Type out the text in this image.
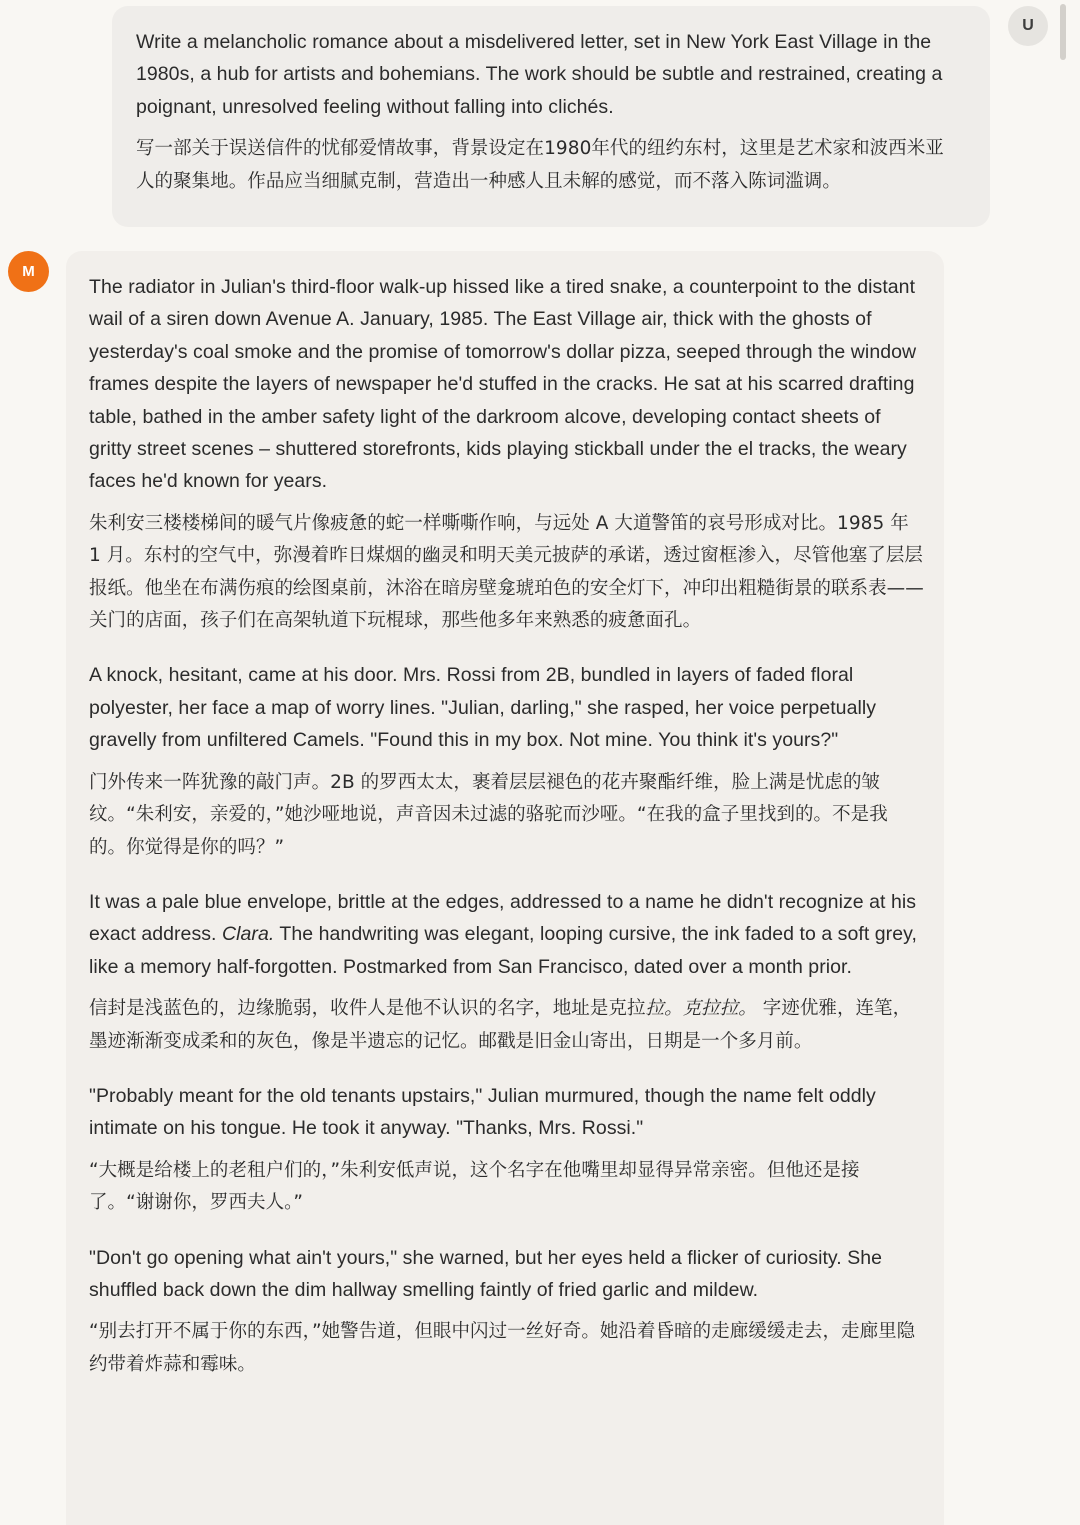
Write a melancholic romance about a misdelivered letter, set in New York East Village in the 1980s, a hub for artists and bohemians. The work should be subtle and restrained, creating a poignant, unresolved feeling without falling into clichés.

写一部关于误送信件的忧郁爱情故事，背景设定在1980年代的纽约东村，这里是艺术家和波西米亚人的聚集地。作品应当细腻克制，营造出一种感人且未解的感觉，而不落入陈词滥调。

U
M

The radiator in Julian's third-floor walk-up hissed like a tired snake, a counterpoint to the distant wail of a siren down Avenue A. January, 1985. The East Village air, thick with the ghosts of yesterday's coal smoke and the promise of tomorrow's dollar pizza, seeped through the window frames despite the layers of newspaper he'd stuffed in the cracks. He sat at his scarred drafting table, bathed in the amber safety light of the darkroom alcove, developing contact sheets of gritty street scenes – shuttered storefronts, kids playing stickball under the el tracks, the weary faces he'd known for years.

朱利安三楼楼梯间的暖气片像疲惫的蛇一样嘶嘶作响，与远处 A 大道警笛的哀号形成对比。1985 年 1 月。东村的空气中，弥漫着昨日煤烟的幽灵和明天美元披萨的承诺，透过窗框渗入，尽管他塞了层层报纸。他坐在布满伤痕的绘图桌前，沐浴在暗房壁龛琥珀色的安全灯下，冲印出粗糙街景的联系表——关门的店面，孩子们在高架轨道下玩棍球，那些他多年来熟悉的疲惫面孔。

A knock, hesitant, came at his door. Mrs. Rossi from 2B, bundled in layers of faded floral polyester, her face a map of worry lines. "Julian, darling," she rasped, her voice perpetually gravelly from unfiltered Camels. "Found this in my box. Not mine. You think it's yours?"

门外传来一阵犹豫的敲门声。2B 的罗西太太，裹着层层褪色的花卉聚酯纤维，脸上满是忧虑的皱纹。“朱利安，亲爱的，”她沙哑地说，声音因未过滤的骆驼而沙哑。“在我的盒子里找到的。不是我的。你觉得是你的吗？”

It was a pale blue envelope, brittle at the edges, addressed to a name he didn't recognize at his exact address. Clara. The handwriting was elegant, looping cursive, the ink faded to a soft grey, like a memory half-forgotten. Postmarked from San Francisco, dated over a month prior.

信封是浅蓝色的，边缘脆弱，收件人是他不认识的名字，地址是克拉拉。克拉拉。 字迹优雅，连笔，墨迹渐渐变成柔和的灰色，像是半遗忘的记忆。邮戳是旧金山寄出，日期是一个多月前。

"Probably meant for the old tenants upstairs," Julian murmured, though the name felt oddly intimate on his tongue. He took it anyway. "Thanks, Mrs. Rossi."

“大概是给楼上的老租户们的，”朱利安低声说，这个名字在他嘴里却显得异常亲密。但他还是接了。“谢谢你，罗西夫人。”

"Don't go opening what ain't yours," she warned, but her eyes held a flicker of curiosity. She shuffled back down the dim hallway smelling faintly of fried garlic and mildew.

“别去打开不属于你的东西，”她警告道，但眼中闪过一丝好奇。她沿着昏暗的走廊缓缓走去，走廊里隐约带着炸蒜和霉味。
